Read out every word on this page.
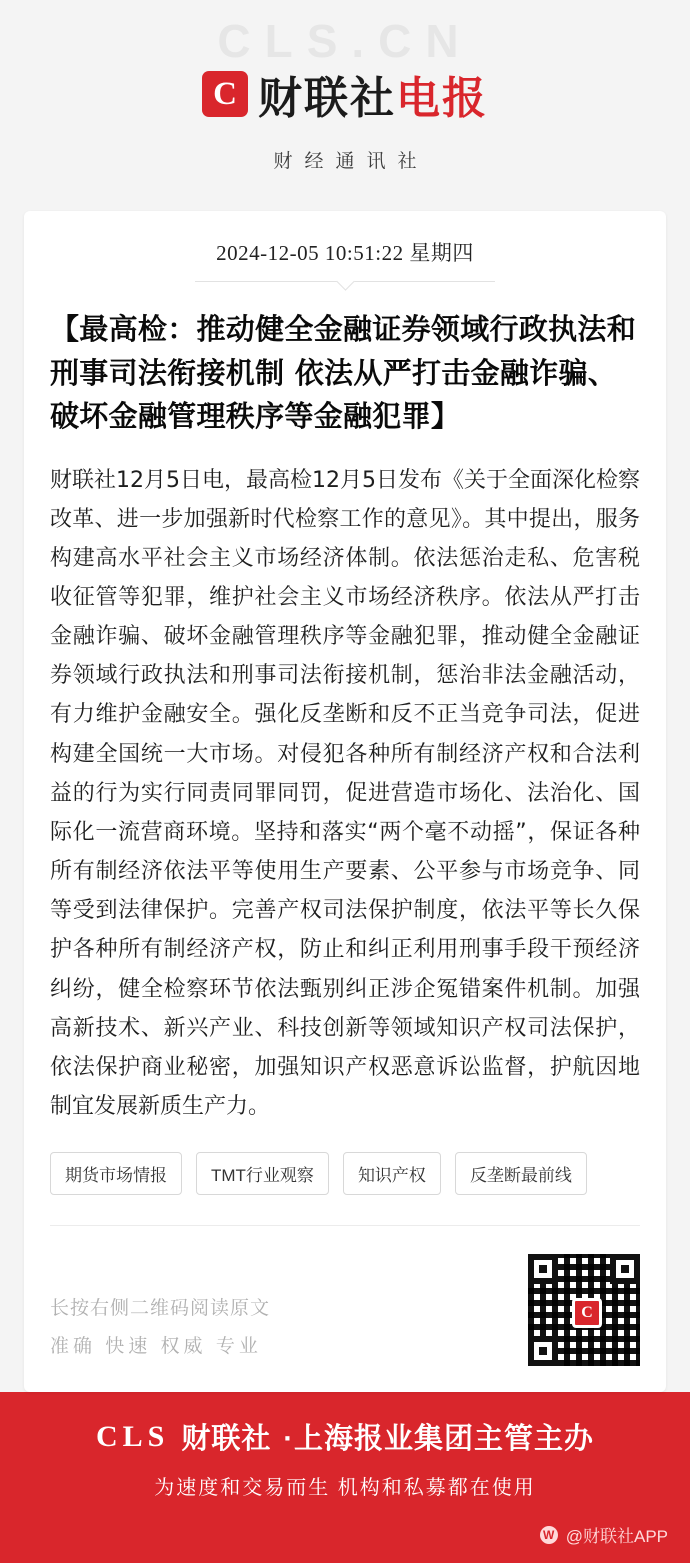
CLS.CN
C 财联社电报
财经通讯社
2024-12-05 10:51:22 星期四
【最高检：推动健全金融证券领域行政执法和刑事司法衔接机制 依法从严打击金融诈骗、破坏金融管理秩序等金融犯罪】

财联社12月5日电，最高检12月5日发布《关于全面深化检察改革、进一步加强新时代检察工作的意见》。其中提出，服务构建高水平社会主义市场经济体制。依法惩治走私、危害税收征管等犯罪，维护社会主义市场经济秩序。依法从严打击金融诈骗、破坏金融管理秩序等金融犯罪，推动健全金融证券领域行政执法和刑事司法衔接机制，惩治非法金融活动，有力维护金融安全。强化反垄断和反不正当竞争司法，促进构建全国统一大市场。对侵犯各种所有制经济产权和合法利益的行为实行同责同罪同罚，促进营造市场化、法治化、国际化一流营商环境。坚持和落实“两个毫不动摇”，保证各种所有制经济依法平等使用生产要素、公平参与市场竞争、同等受到法律保护。完善产权司法保护制度，依法平等长久保护各种所有制经济产权，防止和纠正利用刑事手段干预经济纠纷，健全检察环节依法甄别纠正涉企冤错案件机制。加强高新技术、新兴产业、科技创新等领域知识产权司法保护，依法保护商业秘密，加强知识产权恶意诉讼监督，护航因地制宜发展新质生产力。

期货市场情报	TMT行业观察	知识产权	反垄断最前线
长按右侧二维码阅读原文
准确 快速 权威 专业
C
CLS 财联社 ·上海报业集团主管主办
为速度和交易而生 机构和私募都在使用
W @财联社APP
